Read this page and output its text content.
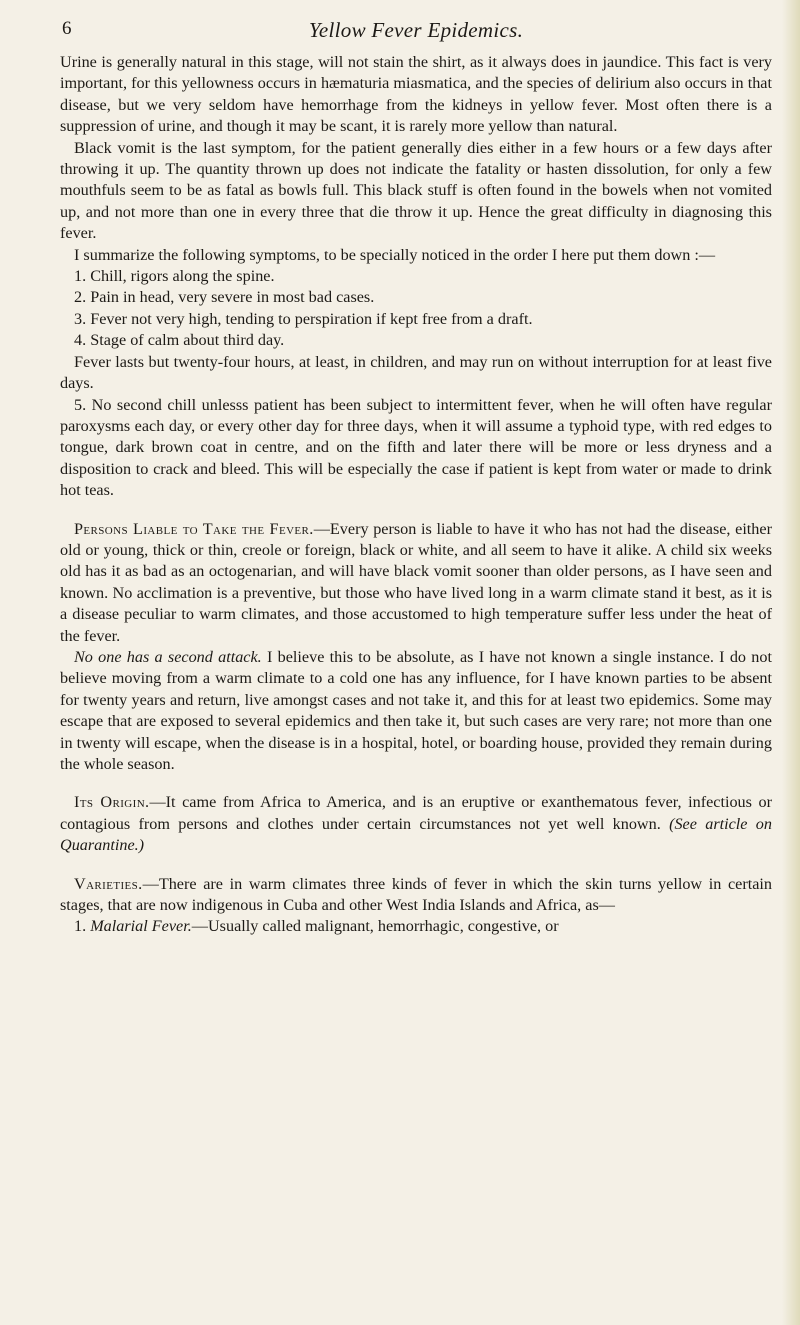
6	Yellow Fever Epidemics.

Urine is generally natural in this stage, will not stain the shirt, as it always does in jaundice. This fact is very important, for this yellowness occurs in hæmaturia miasmatica, and the species of delirium also occurs in that disease, but we very seldom have hemorrhage from the kidneys in yellow fever. Most often there is a suppression of urine, and though it may be scant, it is rarely more yellow than natural.

Black vomit is the last symptom, for the patient generally dies either in a few hours or a few days after throwing it up. The quantity thrown up does not indicate the fatality or hasten dissolution, for only a few mouthfuls seem to be as fatal as bowls full. This black stuff is often found in the bowels when not vomited up, and not more than one in every three that die throw it up. Hence the great difficulty in diagnosing this fever.

I summarize the following symptoms, to be specially noticed in the order I here put them down :—

1. Chill, rigors along the spine.

2. Pain in head, very severe in most bad cases.

3. Fever not very high, tending to perspiration if kept free from a draft.

4. Stage of calm about third day.

Fever lasts but twenty-four hours, at least, in children, and may run on without interruption for at least five days.

5. No second chill unlesss patient has been subject to intermittent fever, when he will often have regular paroxysms each day, or every other day for three days, when it will assume a typhoid type, with red edges to tongue, dark brown coat in centre, and on the fifth and later there will be more or less dryness and a disposition to crack and bleed. This will be especially the case if patient is kept from water or made to drink hot teas.

Persons Liable to Take the Fever.—Every person is liable to have it who has not had the disease, either old or young, thick or thin, creole or foreign, black or white, and all seem to have it alike. A child six weeks old has it as bad as an octogenarian, and will have black vomit sooner than older persons, as I have seen and known. No acclimation is a preventive, but those who have lived long in a warm climate stand it best, as it is a disease peculiar to warm climates, and those accustomed to high temperature suffer less under the heat of the fever.

No one has a second attack. I believe this to be absolute, as I have not known a single instance. I do not believe moving from a warm climate to a cold one has any influence, for I have known parties to be absent for twenty years and return, live amongst cases and not take it, and this for at least two epidemics. Some may escape that are exposed to several epidemics and then take it, but such cases are very rare; not more than one in twenty will escape, when the disease is in a hospital, hotel, or boarding house, provided they remain during the whole season.

Its Origin.—It came from Africa to America, and is an eruptive or exanthematous fever, infectious or contagious from persons and clothes under certain circumstances not yet well known. (See article on Quarantine.)

Varieties.—There are in warm climates three kinds of fever in which the skin turns yellow in certain stages, that are now indigenous in Cuba and other West India Islands and Africa, as—

1. Malarial Fever.—Usually called malignant, hemorrhagic, congestive, or
